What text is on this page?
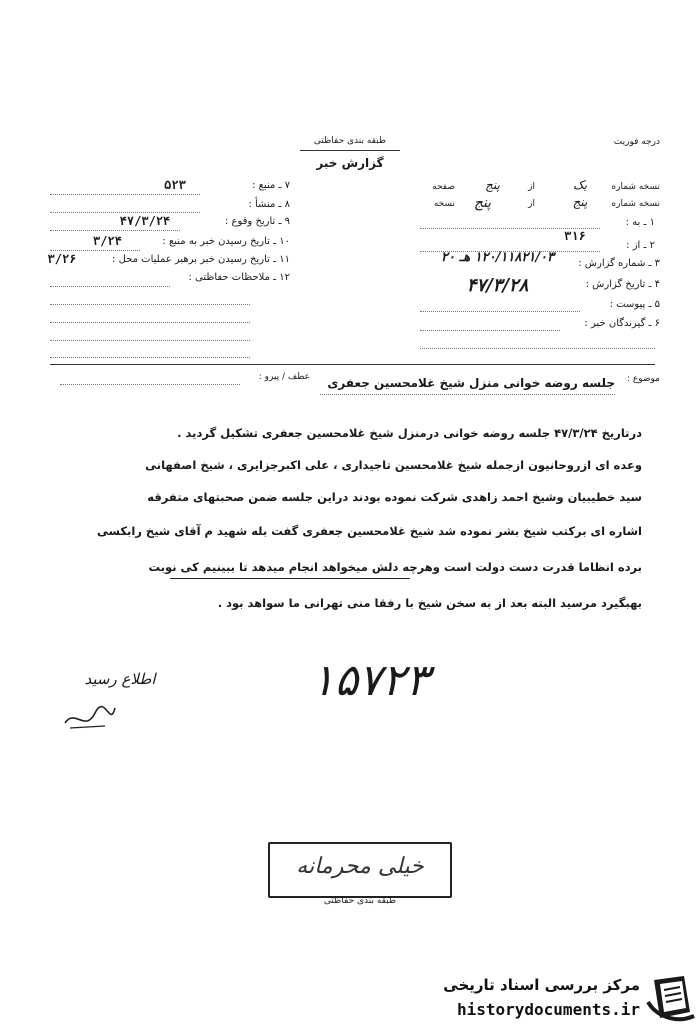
طبقه بندی حفاظتی
گزارش خبر
درجه فوریت
۷ ـ منبع :
۵۲۳
۸ ـ منشأ :
۹ ـ تاریخ وقوع :
۴۷/۳/۲۴
۱۰ ـ تاریخ رسیدن خبر به منبع :
۳/۲۴
۱۱ ـ تاریخ رسیدن خبر برهبر عملیات محل :
۳/۲۶
۱۲ ـ ملاحظات حفاظتی :
نسخه شماره
یک
از
پنج
صفحه
نسخه شماره
پنج
از
پنج
نسخه
۱ ـ به :
۳۱۶
۲ ـ از :
۳ ـ شماره گزارش :
۱۲۰/۱۱۸۲۱/۰۳ هـ ۲۰
۴ ـ تاریخ گزارش :
۴۷/۳/۲۸
۵ ـ پیوست :
۶ ـ گیرندگان خبر :
عطف / پیرو :	موضوع :
جلسه روضه خوانی منزل شیخ غلامحسین جعفری
درتاریخ ۴۷/۳/۲۴ جلسه روضه خوانی درمنزل شیخ غلامحسین جعفری تشکیل گردید .
وعده ای ازروحانیون ازجمله شیخ غلامحسین تاجیداری ، علی اکبرجزایری ، شیخ اصفهانی
سید خطیبیان وشیخ احمد زاهدی شرکت نموده بودند دراین جلسه ضمن صحبتهای متفرقه
اشاره ای برکتب شیخ بشر نموده شد شیخ غلامحسین جعفری گفت بله شهید م آقای شیخ رابکسی
برده انظاما قدرت دست دولت است وهرچه دلش میخواهد انجام میدهد تا ببینیم کی نوبت
بهبگیرد مرسید البته بعد از به سخن شیخ با رفقا منی تهرانی ما سواهد بود .
اطلاع رسید	۱۵۷۲۳
خیلی محرمانه
طبقه بندی حفاظتی
مرکز بررسی اسناد تاریخی
historydocuments.ir
